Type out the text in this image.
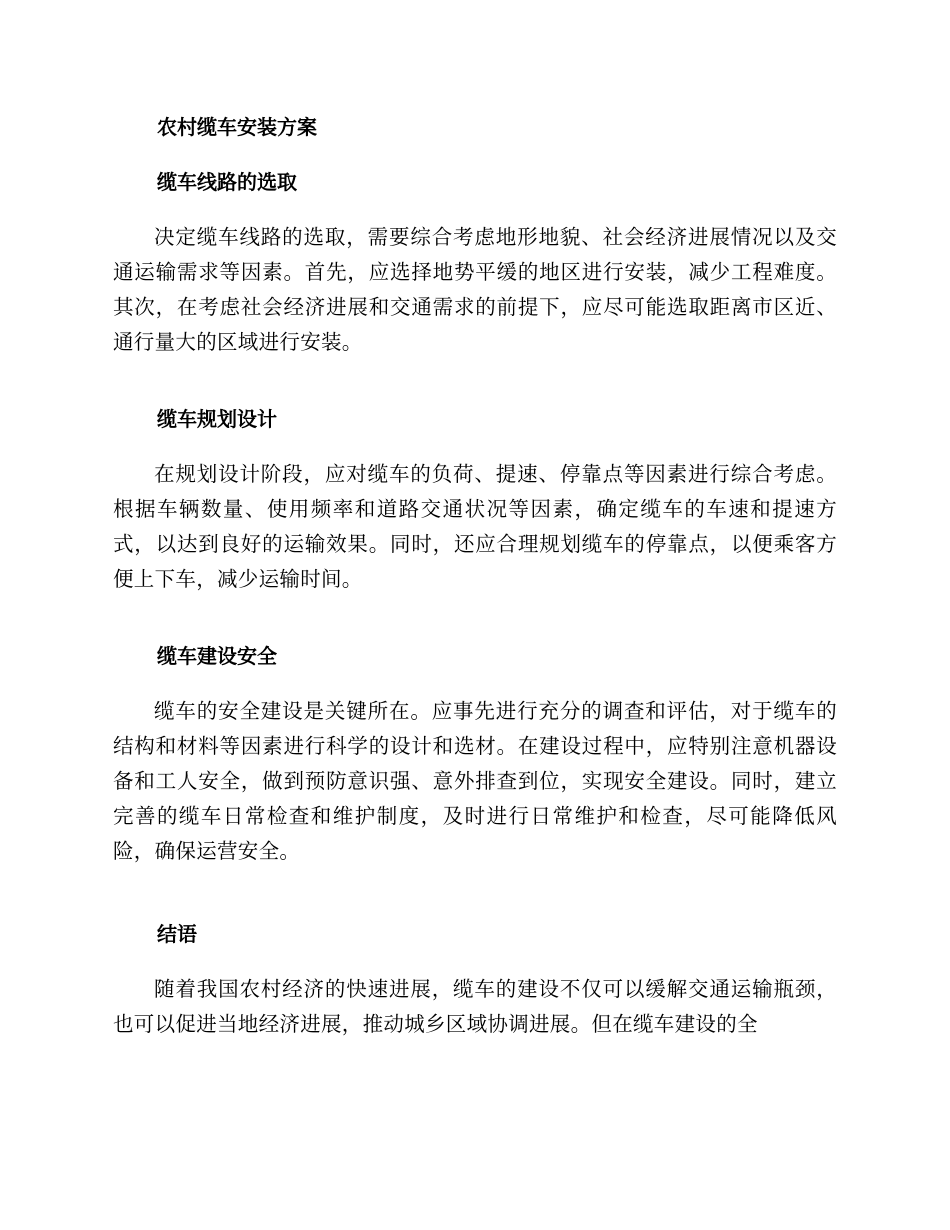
农村缆车安装方案
缆车线路的选取

决定缆车线路的选取，需要综合考虑地形地貌、社会经济进展情况以及交通运输需求等因素。首先，应选择地势平缓的地区进行安装，减少工程难度。其次，在考虑社会经济进展和交通需求的前提下，应尽可能选取距离市区近、通行量大的区域进行安装。

缆车规划设计

在规划设计阶段，应对缆车的负荷、提速、停靠点等因素进行综合考虑。根据车辆数量、使用频率和道路交通状况等因素，确定缆车的车速和提速方式，以达到良好的运输效果。同时，还应合理规划缆车的停靠点，以便乘客方便上下车，减少运输时间。

缆车建设安全

缆车的安全建设是关键所在。应事先进行充分的调查和评估，对于缆车的结构和材料等因素进行科学的设计和选材。在建设过程中，应特别注意机器设备和工人安全，做到预防意识强、意外排查到位，实现安全建设。同时，建立完善的缆车日常检查和维护制度，及时进行日常维护和检查，尽可能降低风险，确保运营安全。

结语

随着我国农村经济的快速进展，缆车的建设不仅可以缓解交通运输瓶颈，也可以促进当地经济进展，推动城乡区域协调进展。但在缆车建设的全
